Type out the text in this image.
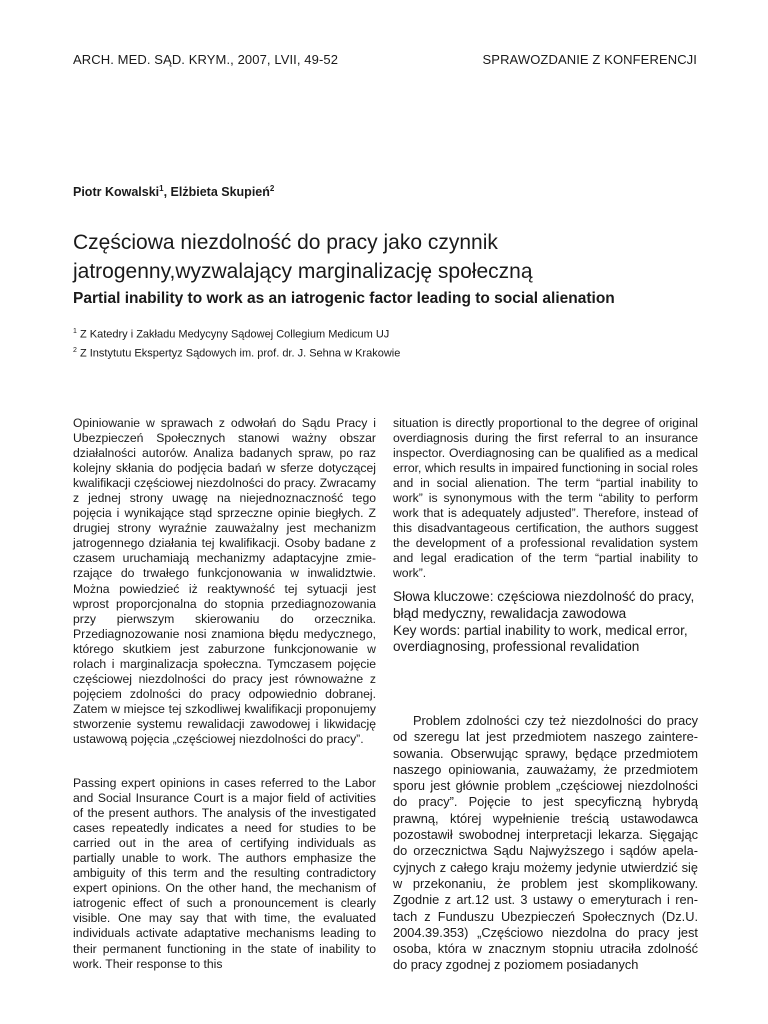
ARCH. MED. SĄD. KRYM., 2007, LVII, 49-52	SPRAWOZDANIE Z KONFERENCJI
Piotr Kowalski$^1$, Elżbieta Skupień$^2$
Częściowa niezdolność do pracy jako czynnik
jatrogenny,wyzwalający marginalizację społeczną
Partial inability to work as an iatrogenic factor leading to social alienation
$^1$ Z Katedry i Zakładu Medycyny Sądowej Collegium Medicum UJ
$^2$ Z Instytutu Ekspertyz Sądowych im. prof. dr. J. Sehna w Krakowie

Opiniowanie w sprawach z odwołań do Sądu Pracy i Ubezpieczeń Społecznych stanowi ważny obszar działalności autorów. Analiza badanych spraw, po raz kolejny skłania do podjęcia badań w sferze dotyczącej kwalifikacji częściowej niezdolności do pracy. Zwracamy z jednej strony uwagę na niejednoznaczność tego pojęcia i wynikające stąd sprzeczne opinie biegłych. Z drugiej strony wyraźnie zauważalny jest mechanizm jatrogennego działania tej kwalifikacji. Osoby badane z czasem uruchamiają mechanizmy adaptacyjne zmierzające do trwałego funkcjonowania w inwalidztwie. Można powiedzieć iż reaktywność tej sytuacji jest wprost proporcjonalna do stopnia przediagnozowania przy pierwszym skierowaniu do orzecznika. Przediagnozowanie nosi znamiona błędu medycznego, którego skutkiem jest zaburzone funkcjonowanie w rolach i marginalizacja społeczna. Tymczasem pojęcie częściowej niezdolności do pracy jest równoważne z pojęciem zdolności do pracy odpowiednio dobranej. Zatem w miejsce tej szkodliwej kwalifikacji proponujemy stworzenie systemu rewalidacji zawodowej i likwidację ustawową pojęcia „częściowej niezdolności do pracy”.

Passing expert opinions in cases referred to the Labor and Social Insurance Court is a major field of activities of the present authors. The analysis of the investigated cases repeatedly indicates a need for studies to be carried out in the area of certifying individuals as partially unable to work. The authors emphasize the ambiguity of this term and the resulting contradictory expert opinions. On the other hand, the mechanism of iatrogenic effect of such a pronouncement is clearly visible. One may say that with time, the evaluated individuals activate adaptative mechanisms leading to their permanent functioning in the state of inability to work. Their response to this

situation is directly proportional to the degree of original overdiagnosis during the first referral to an insurance inspector. Overdiagnosing can be qualified as a medical error, which results in impaired functioning in social roles and in social alienation. The term “partial inability to work” is synonymous with the term “ability to perform work that is adequately adjusted”. Therefore, instead of this disadvantageous certification, the authors suggest the development of a professional revalidation system and legal eradication of the term “partial inability to work”.

Słowa kluczowe: częściowa niezdolność do pracy, błąd medyczny, rewalidacja zawodowa

Key words: partial inability to work, medical error, overdiagnosing, professional revalidation

Problem zdolności czy też niezdolności do pracy od szeregu lat jest przedmiotem naszego zainteresowania. Obserwując sprawy, będące przedmiotem naszego opiniowania, zauważamy, że przedmiotem sporu jest głównie problem „częściowej niezdolności do pracy”. Pojęcie to jest specyficzną hybrydą prawną, której wypełnienie treścią ustawodawca pozostawił swobodnej interpretacji lekarza. Sięgając do orzecznictwa Sądu Najwyższego i sądów apelacyjnych z całego kraju możemy jedynie utwierdzić się w przekonaniu, że problem jest skomplikowany. Zgodnie z art.12 ust. 3 ustawy o emeryturach i rentach z Funduszu Ubezpieczeń Społecznych (Dz.U. 2004.39.353) „Częściowo niezdolna do pracy jest osoba, która w znacznym stopniu utraciła zdolność do pracy zgodnej z poziomem posiadanych
